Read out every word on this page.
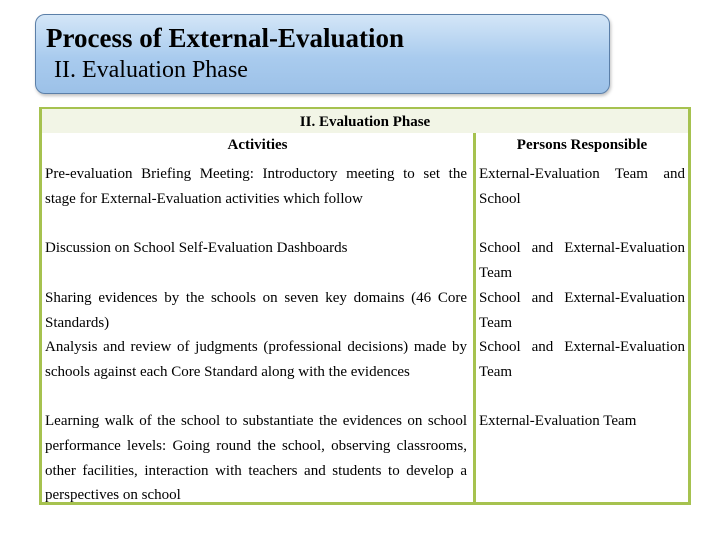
Process of External-Evaluation
II. Evaluation Phase
II. Evaluation Phase
Activities	Persons Responsible
Pre-evaluation Briefing Meeting: Introductory meeting to set the stage for External-Evaluation activities which follow
External-Evaluation Team and School
Discussion on School Self-Evaluation Dashboards	School and External-Evaluation Team
Sharing evidences by the schools on seven key domains (46 Core Standards)
School and External-Evaluation Team
Analysis and review of judgments (professional decisions) made by schools against each Core Standard along with the evidences
School and External-Evaluation Team
Learning walk of the school to substantiate the evidences on school performance levels: Going round the school, observing classrooms, other facilities, interaction with teachers and students to develop a perspectives on school
External-Evaluation Team
